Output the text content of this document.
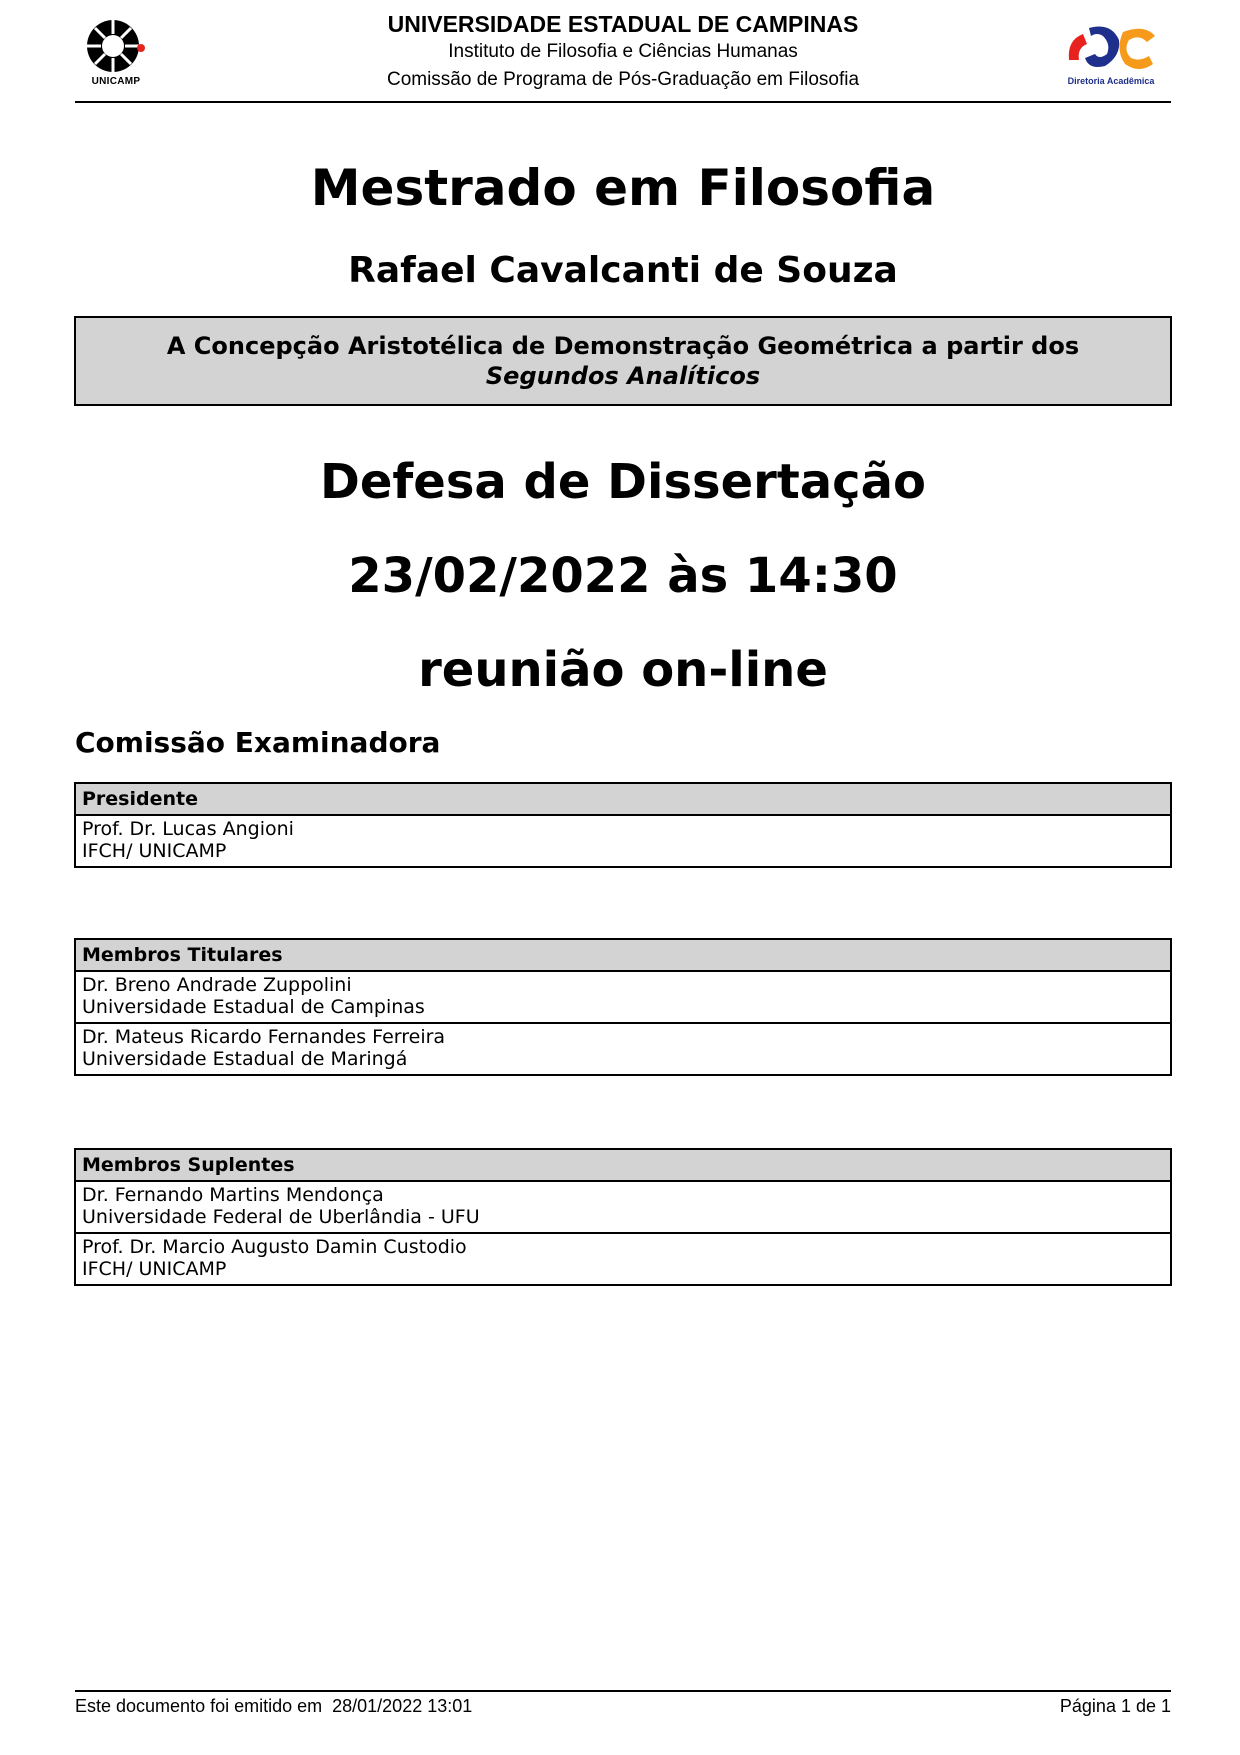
UNICAMP
UNIVERSIDADE ESTADUAL DE CAMPINAS
Instituto de Filosofia e Ciências Humanas
Comissão de Programa de Pós-Graduação em Filosofia	Diretoria Acadêmica
Mestrado em Filosofia
Rafael Cavalcanti de Souza
A Concepção Aristotélica de Demonstração Geométrica a partir dos
Segundos Analíticos
Defesa de Dissertação
23/02/2022 às 14:30
reunião on-line
Comissão Examinadora
Presidente
Prof. Dr. Lucas Angioni
IFCH/ UNICAMP
Membros Titulares
Dr. Breno Andrade Zuppolini
Universidade Estadual de Campinas
Dr. Mateus Ricardo Fernandes Ferreira
Universidade Estadual de Maringá
Membros Suplentes
Dr. Fernando Martins Mendonça
Universidade Federal de Uberlândia - UFU
Prof. Dr. Marcio Augusto Damin Custodio
IFCH/ UNICAMP
Este documento foi emitido em  28/01/2022 13:01	Página 1 de 1
